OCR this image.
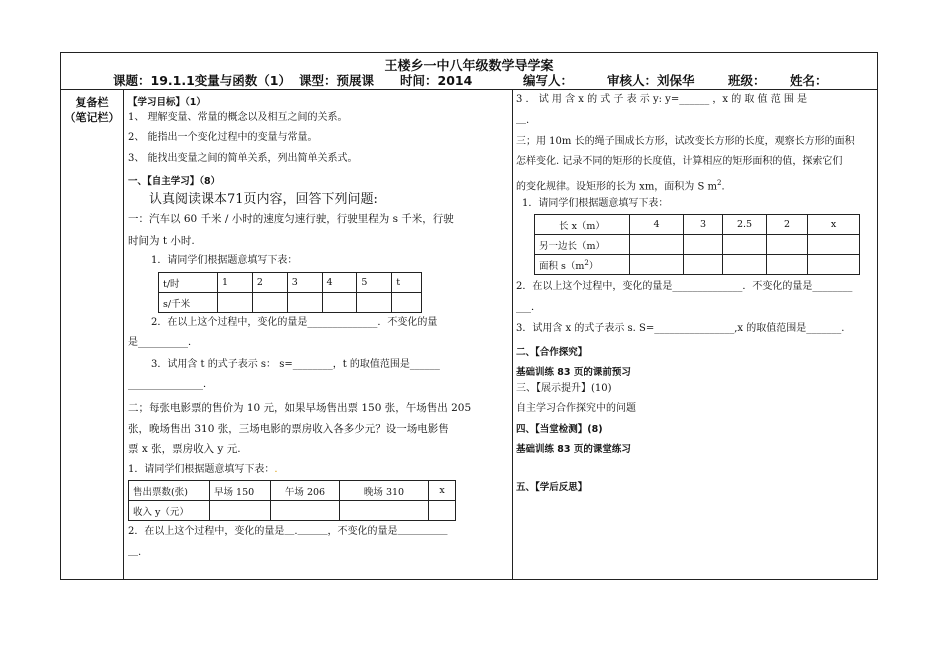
王楼乡一中八年级数学导学案
课题：19.1.1变量与函数（1） 课型：预展课 时间：2014	编写人：	审核人：刘保华	班级： 姓名：
复备栏
（笔记栏）
【学习目标】（1）
1、 理解变量、常量的概念以及相互之间的关系。
2、 能指出一个变化过程中的变量与常量。
3、 能找出变量之间的简单关系，列出简单关系式。
一、【自主学习】（8）
认真阅读课本71页内容，回答下列问题:
一：汽车以 60 千米 / 小时的速度匀速行驶，行驶里程为 s 千米，行驶
时间为 t 小时.
1．请同学们根据题意填写下表：
t/时	1	2	3	4	5	t
s/千米						
2．在以上这个过程中，变化的量是______________．不变化的量
是__________．
3．试用含 t 的式子表示 s： s=________，t 的取值范围是______
_______________．
二；每张电影票的售价为 10 元，如果早场售出票 150 张，午场售出 205
张，晚场售出 310 张，三场电影的票房收入各多少元？设一场电影售
票 x 张，票房收入 y 元.
1．请同学们根据题意填写下表：.
售出票数(张)	早场 150	午场 206	晚场 310	x
收入 y（元）				
2．在以上这个过程中，变化的量是＿.＿＿＿，不变化的量是＿＿＿＿＿
＿.
3 ． 试 用 含 x 的 式 子 表 示 y: y=______ ，x 的 取 值 范 围 是
＿.
三；用 10m 长的绳子围成长方形，试改变长方形的长度，观察长方形的面积
怎样变化. 记录不同的矩形的长度值，计算相应的矩形面积的值，探索它们
的变化规律。设矩形的长为 xm，面积为 S $m^2$．
1．请同学们根据题意填写下表：
长 x（m）	4	3	2.5	2	x
另一边长（m）					
面积 $s(m^2)$					
2．在以上这个过程中，变化的量是______________．不变化的量是________
___．
3．试用含 x 的式子表示 s. S=________________,x 的取值范围是_______.
二、【合作探究】
基础训练 83 页的课前预习
三、【展示提升】(10)
自主学习合作探究中的问题
四、【当堂检测】(8)
基础训练 83 页的课堂练习
五、【学后反思】
